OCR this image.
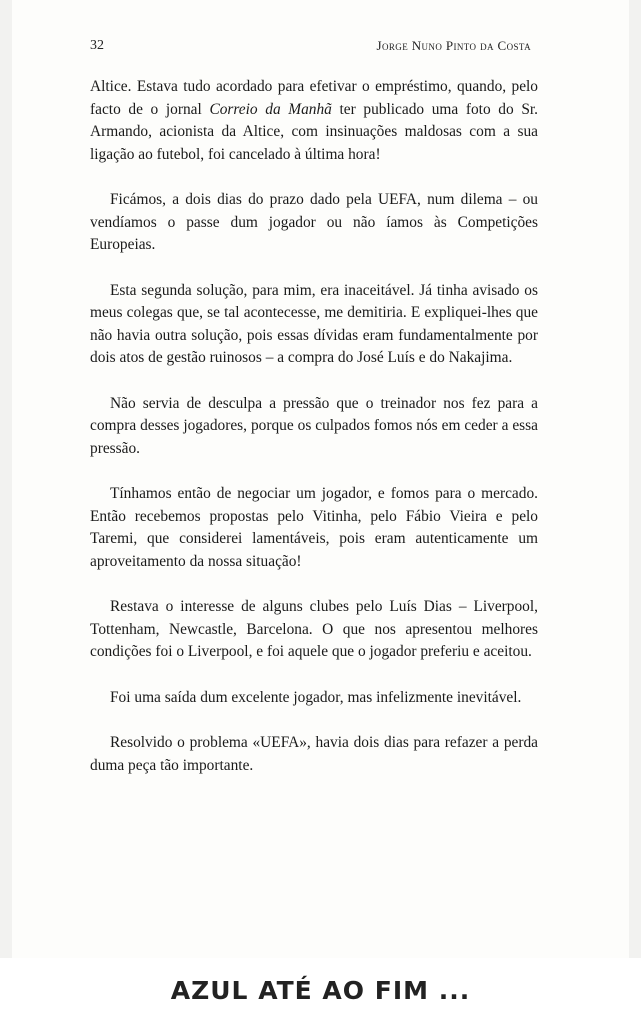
32	Jorge Nuno Pinto da Costa

Altice. Estava tudo acordado para efetivar o empréstimo, quando, pelo facto de o jornal Correio da Manhã ter publicado uma foto do Sr. Armando, acionista da Altice, com insinuações maldosas com a sua ligação ao futebol, foi cancelado à última hora!

Ficámos, a dois dias do prazo dado pela UEFA, num dilema – ou vendíamos o passe dum jogador ou não íamos às Competições Europeias.

Esta segunda solução, para mim, era inaceitável. Já tinha avisado os meus colegas que, se tal acontecesse, me demitiria. E expliquei-lhes que não havia outra solução, pois essas dívidas eram fundamentalmente por dois atos de gestão ruinosos – a compra do José Luís e do Nakajima.

Não servia de desculpa a pressão que o treinador nos fez para a compra desses jogadores, porque os culpados fomos nós em ceder a essa pressão.

Tínhamos então de negociar um jogador, e fomos para o mercado. Então recebemos propostas pelo Vitinha, pelo Fábio Vieira e pelo Taremi, que considerei lamentáveis, pois eram autenticamente um aproveitamento da nossa situação!

Restava o interesse de alguns clubes pelo Luís Dias – Liverpool, Tottenham, Newcastle, Barcelona. O que nos apresentou melhores condições foi o Liverpool, e foi aquele que o jogador preferiu e aceitou.

Foi uma saída dum excelente jogador, mas infelizmente inevitável.

Resolvido o problema «UEFA», havia dois dias para refazer a perda duma peça tão importante.

AZUL ATÉ AO FIM ...
